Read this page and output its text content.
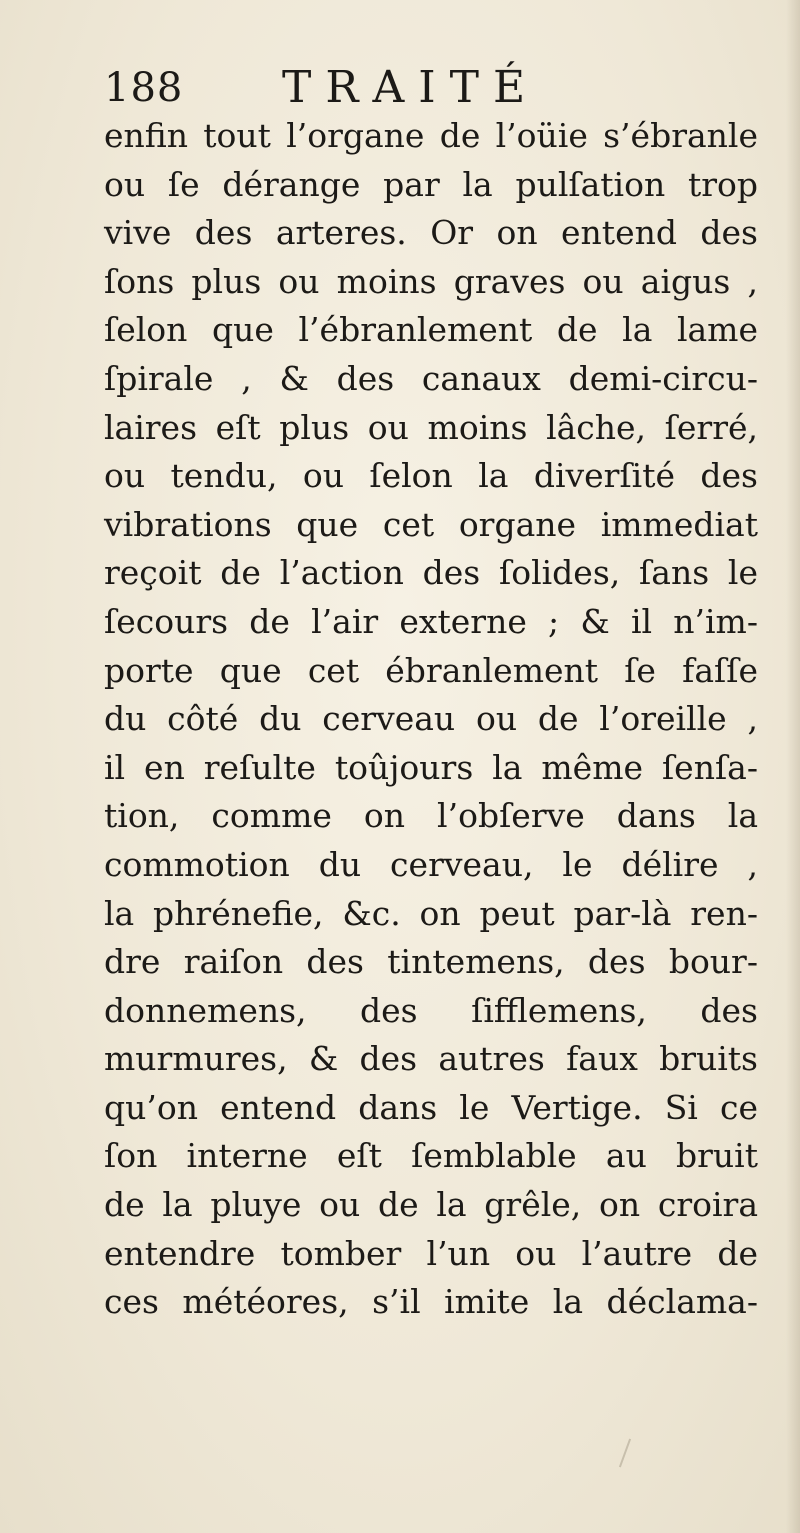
188 TRAITÉ
enfin tout l’organe de l’oüie s’ébranle
ou ſe dérange par la pulſation trop
vive des arteres. Or on entend des
ſons plus ou moins graves ou aigus ,
ſelon que l’ébranlement de la lame
ſpirale , & des canaux demi-circu-
laires eſt plus ou moins lâche, ſerré,
ou tendu, ou ſelon la diverſité des
vibrations que cet organe immediat
reçoit de l’action des ſolides, ſans le
ſecours de l’air externe ; & il n’im-
porte que cet ébranlement ſe faſſe
du côté du cerveau ou de l’oreille ,
il en reſulte toûjours la même ſenſa-
tion, comme on l’obſerve dans la
commotion du cerveau, le délire ,
la phrénefie, &c. on peut par-là ren-
dre raiſon des tintemens, des bour-
donnemens, des ſifflemens, des
murmures, & des autres faux bruits
qu’on entend dans le Vertige. Si ce
ſon interne eſt ſemblable au bruit
de la pluye ou de la grêle, on croira
entendre tomber l’un ou l’autre de
ces météores, s’il imite la déclama-
